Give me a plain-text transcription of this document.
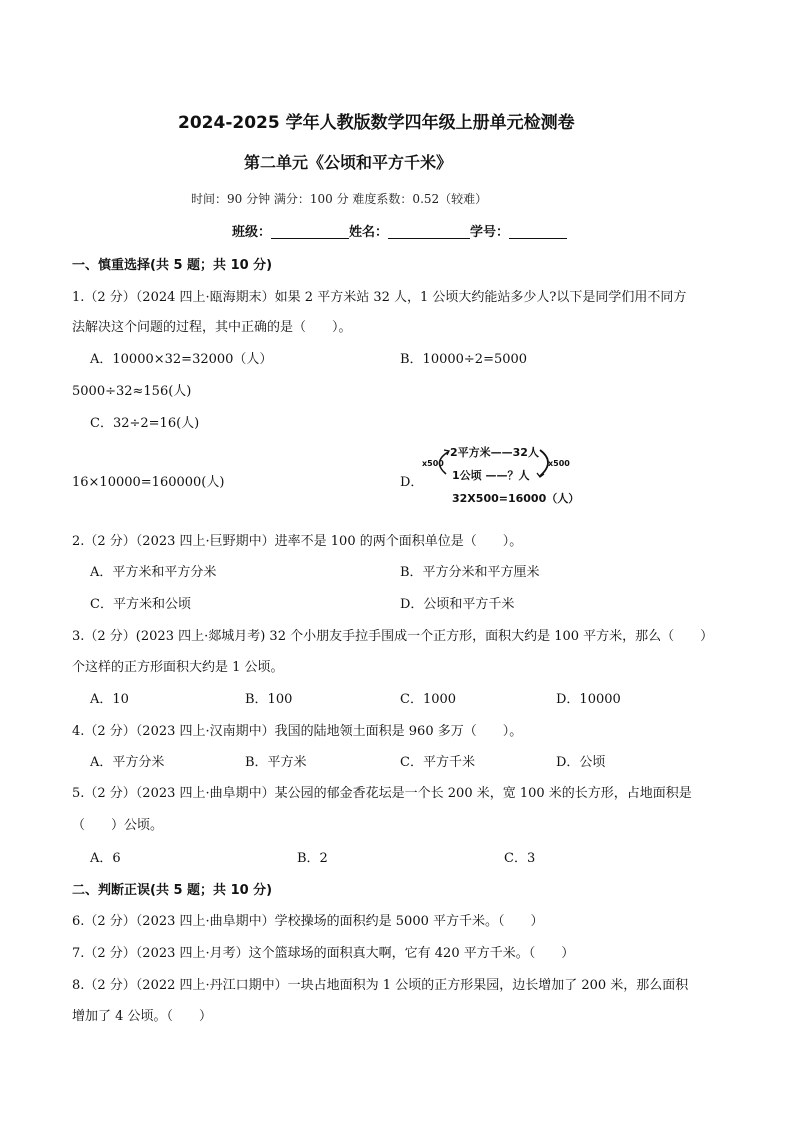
2024-2025 学年人教版数学四年级上册单元检测卷
第二单元《公顷和平方千米》
时间：90 分钟 满分：100 分 难度系数：0.52（较难）
班级：	姓名：	学号：
一、慎重选择(共 5 题；共 10 分)
1.（2 分）（2024 四上·瓯海期末）如果 2 平方米站 32 人，1 公顷大约能站多少人?以下是同学们用不同方
法解决这个问题的过程，其中正确的是（　　）。
A．10000×32=32000（人）	B．10000÷2=5000
5000÷32≈156(人)
C．32÷2=16(人)
16×10000=160000(人)	D．
x500
2平方米——32人
1公顷 ——？人
x500
32X500=16000（人）
2.（2 分）（2023 四上·巨野期中）进率不是 100 的两个面积单位是（　　）。
A．平方米和平方分米	B．平方分米和平方厘米
C．平方米和公顷	D．公顷和平方千米
3.（2 分）(2023 四上·郯城月考) 32 个小朋友手拉手围成一个正方形，面积大约是 100 平方米，那么（　　）
个这样的正方形面积大约是 1 公顷。
A．10	B．100	C．1000	D．10000
4.（2 分）（2023 四上·汉南期中）我国的陆地领土面积是 960 多万（　　）。
A．平方分米	B．平方米	C．平方千米	D．公顷
5.（2 分）（2023 四上·曲阜期中）某公园的郁金香花坛是一个长 200 米，宽 100 米的长方形，占地面积是
（　　）公顷。
A．6	B．2	C．3
二、判断正误(共 5 题；共 10 分)
6.（2 分）（2023 四上·曲阜期中）学校操场的面积约是 5000 平方千米。（　　）
7.（2 分）（2023 四上·月考）这个篮球场的面积真大啊，它有 420 平方千米。（　　）
8.（2 分）（2022 四上·丹江口期中）一块占地面积为 1 公顷的正方形果园，边长增加了 200 米，那么面积
增加了 4 公顷。（　　）
